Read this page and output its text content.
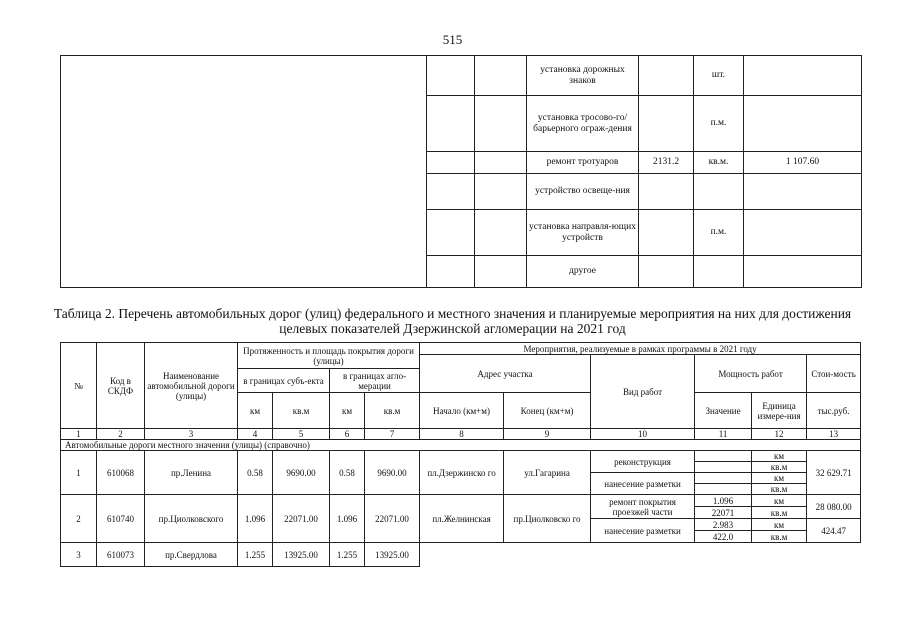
515
			установка дорожных знаков		шт.	
			установка тросово-го/барьерного ограж-дения		п.м.	
			ремонт тротуаров	2131.2	кв.м.	1 107.60
			устройство освеще-ния			
			установка направля-ющих устройств		п.м.	
			другое			
Таблица 2. Перечень автомобильных дорог (улиц) федерального и местного значения и планируемые мероприятия на них для достижения целевых показателей Дзержинской агломерации на 2021 год
№	Код в СКДФ	Наименование автомобильной дороги (улицы)	Протяженность и площадь покрытия дороги (улицы)				Мероприятия, реализуемые в рамках программы в 2021 году					
							Адрес участка		Вид работ	Мощность работ		Стои-мость
			в границах субъ-екта		в границах агло-мерации							
			км	кв.м	км	кв.м	Начало (км+м)	Конец (км+м)		Значение	Единица измере-ния	тыс.руб.
1	2	3	4	5	6	7	8	9	10	11	12	13
Автомобильные дороги местного значения (улицы) (справочно)												
1	610068	пр.Ленина	0.58	9690.00	0.58	9690.00	пл.Дзержинско го	ул.Гагарина	реконструкция		км	32 629.71
											кв.м	
									нанесение разметки		км	
											кв.м	
2	610740	пр.Циолковского	1.096	22071.00	1.096	22071.00	пл.Желнинская	пр.Циолковско го	ремонт покрытия проезжей части	1.096	км	28 080.00
										22071	кв.м	
									нанесение разметки	2.983	км	424.47
										422.0	кв.м	
3	610073	пр.Свердлова	1.255	13925.00	1.255	13925.00						
